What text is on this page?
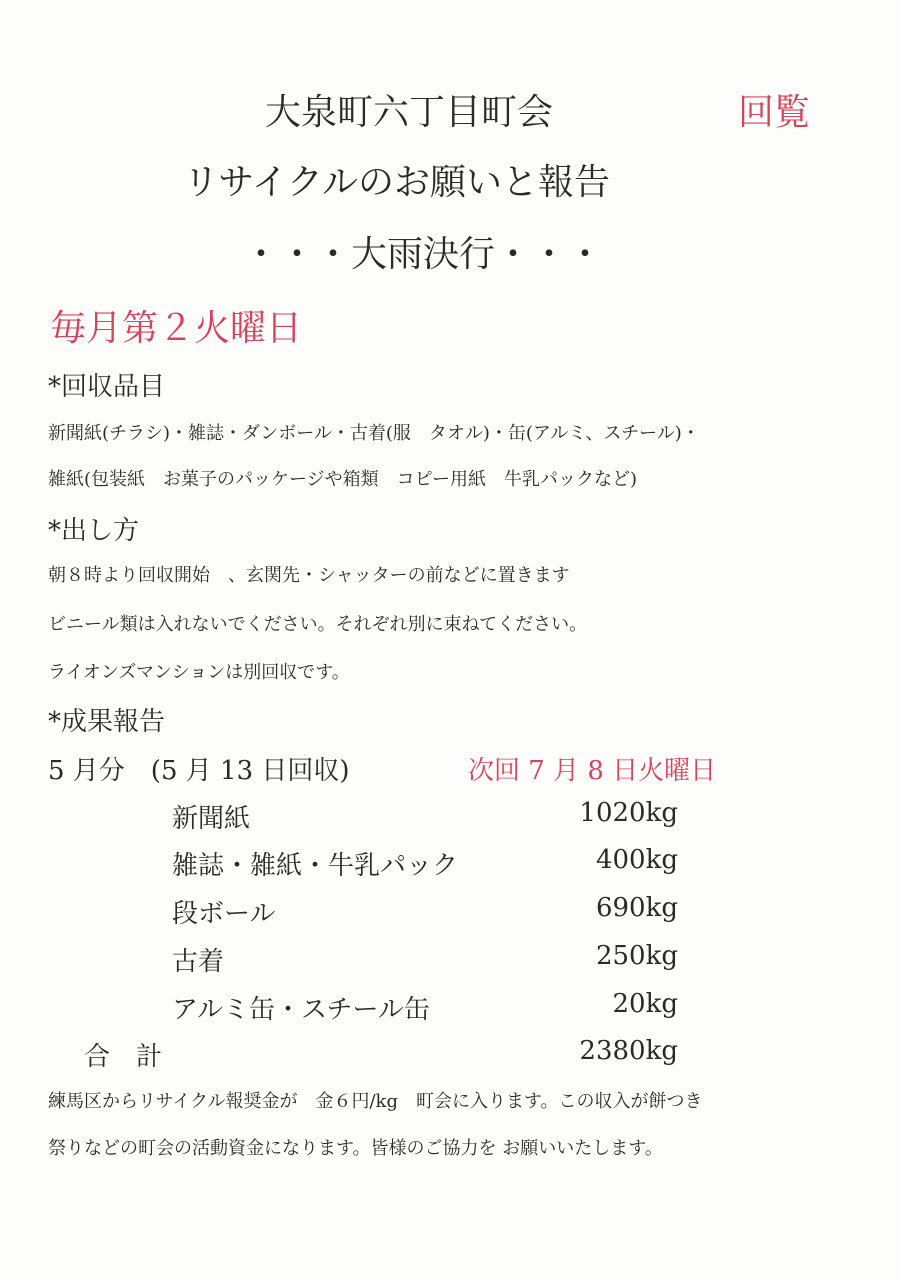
大泉町六丁目町会	回覧
リサイクルのお願いと報告
・・・大雨決行・・・
毎月第２火曜日
*回収品目
新聞紙(チラシ)・雑誌・ダンボール・古着(服　タオル)・缶(アルミ、スチール)・
雑紙(包装紙　お菓子のパッケージや箱類　コピー用紙　牛乳パックなど)
*出し方
朝８時より回収開始　、玄関先・シャッターの前などに置きます
ビニール類は入れないでください。それぞれ別に束ねてください。
ライオンズマンションは別回収です。
*成果報告
5 月分　(5 月 13 日回収)	次回 7 月 8 日火曜日
新聞紙	1020kg
雑誌・雑紙・牛乳パック	400kg
段ボール	690kg
古着	250kg
アルミ缶・スチール缶	20kg
合　計	2380kg
練馬区からリサイクル報奨金が　金６円/kg　町会に入ります。この収入が餅つき
祭りなどの町会の活動資金になります。皆様のご協力を お願いいたします。
